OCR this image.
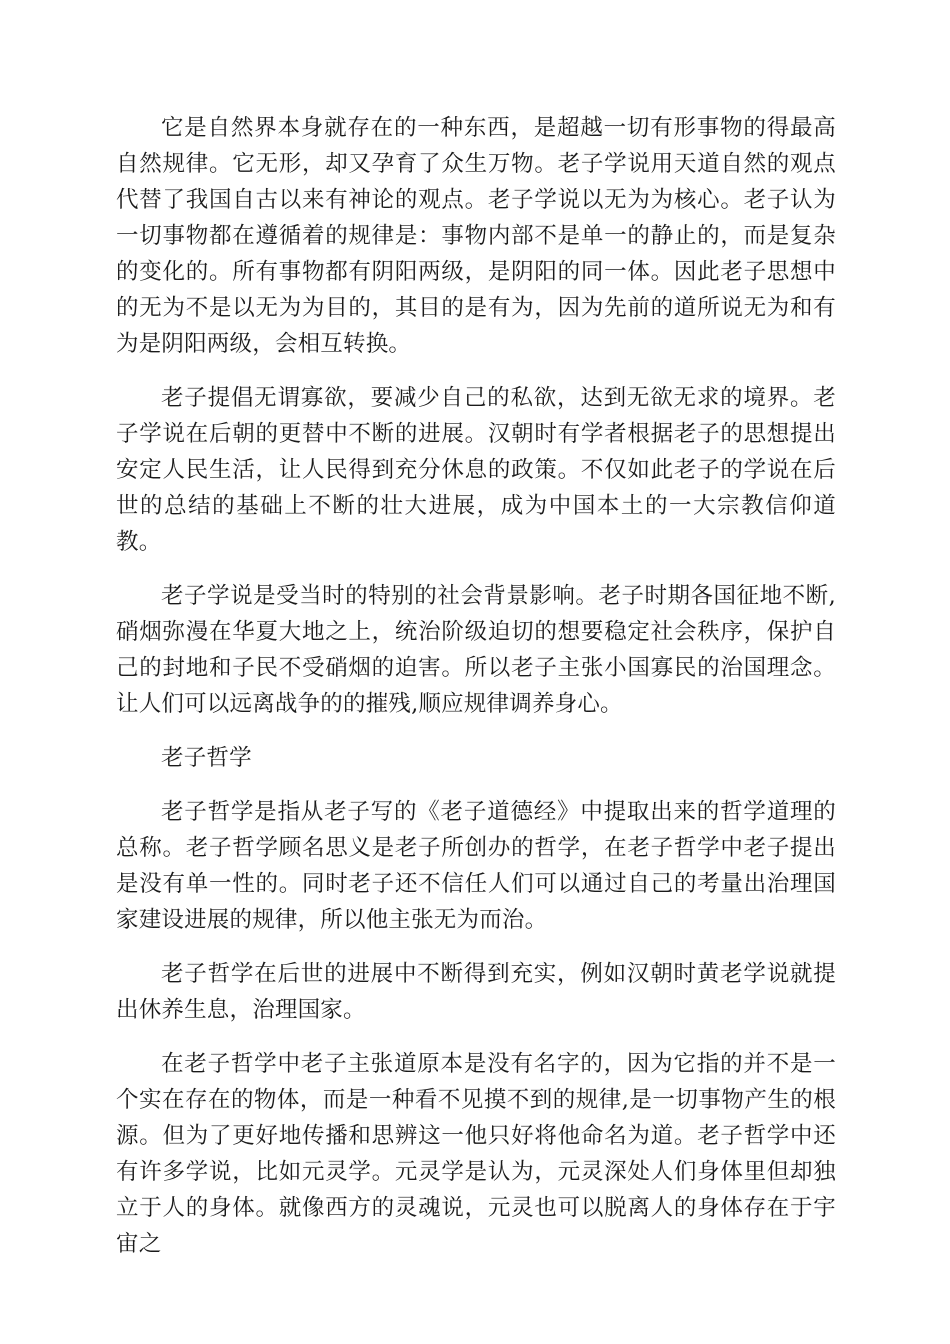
它是自然界本身就存在的一种东西，是超越一切有形事物的得最高自然规律。它无形，却又孕育了众生万物。老子学说用天道自然的观点代替了我国自古以来有神论的观点。老子学说以无为为核心。老子认为一切事物都在遵循着的规律是：事物内部不是单一的静止的，而是复杂的变化的。所有事物都有阴阳两级，是阴阳的同一体。因此老子思想中的无为不是以无为为目的，其目的是有为，因为先前的道所说无为和有为是阴阳两级，会相互转换。

老子提倡无谓寡欲，要减少自己的私欲，达到无欲无求的境界。老子学说在后朝的更替中不断的进展。汉朝时有学者根据老子的思想提出安定人民生活，让人民得到充分休息的政策。不仅如此老子的学说在后世的总结的基础上不断的壮大进展，成为中国本土的一大宗教信仰道教。

老子学说是受当时的特别的社会背景影响。老子时期各国征地不断,硝烟弥漫在华夏大地之上，统治阶级迫切的想要稳定社会秩序，保护自己的封地和子民不受硝烟的迫害。所以老子主张小国寡民的治国理念。让人们可以远离战争的的摧残,顺应规律调养身心。

老子哲学

老子哲学是指从老子写的《老子道德经》中提取出来的哲学道理的总称。老子哲学顾名思义是老子所创办的哲学，在老子哲学中老子提出是没有单一性的。同时老子还不信任人们可以通过自己的考量出治理国家建设进展的规律，所以他主张无为而治。

老子哲学在后世的进展中不断得到充实，例如汉朝时黄老学说就提出休养生息，治理国家。

在老子哲学中老子主张道原本是没有名字的，因为它指的并不是一个实在存在的物体，而是一种看不见摸不到的规律,是一切事物产生的根源。但为了更好地传播和思辨这一他只好将他命名为道。老子哲学中还有许多学说，比如元灵学。元灵学是认为，元灵深处人们身体里但却独立于人的身体。就像西方的灵魂说，元灵也可以脱离人的身体存在于宇宙之
